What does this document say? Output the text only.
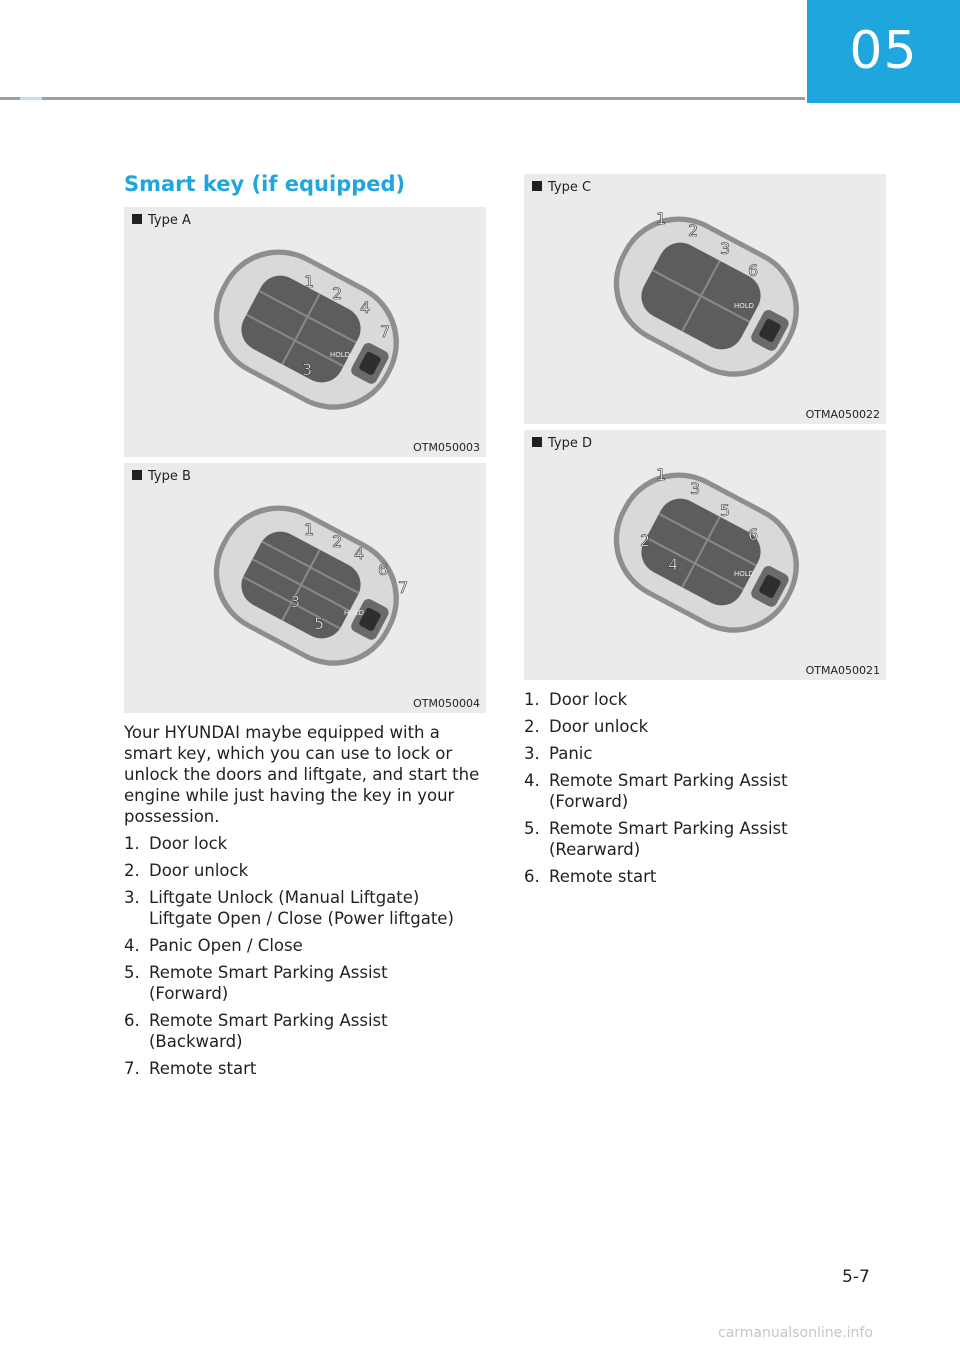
05
Smart key (if equipped)
Type A
1
2
4
7
3
HOLD
OTM050003
Type B
1
2
4
6
7
3
5
HOLD
OTM050004
Type C
1
2
3
6
HOLD
OTMA050022
Type D
1
3
5
6
2
4	HOLD
OTMA050021

Your HYUNDAI maybe equipped with a smart key, which you can use to lock or unlock the doors and liftgate, and start the engine while just having the key in your possession.

1. Door lock
2. Door unlock
3. Liftgate Unlock (Manual Liftgate)
Liftgate Open / Close (Power liftgate)
4. Panic Open / Close
5. Remote Smart Parking Assist
(Forward)
6. Remote Smart Parking Assist
(Backward)
7. Remote start
1. Door lock
2. Door unlock
3. Panic
4. Remote Smart Parking Assist
(Forward)
5. Remote Smart Parking Assist
(Rearward)
6. Remote start
5-7
carmanualsonline.info
